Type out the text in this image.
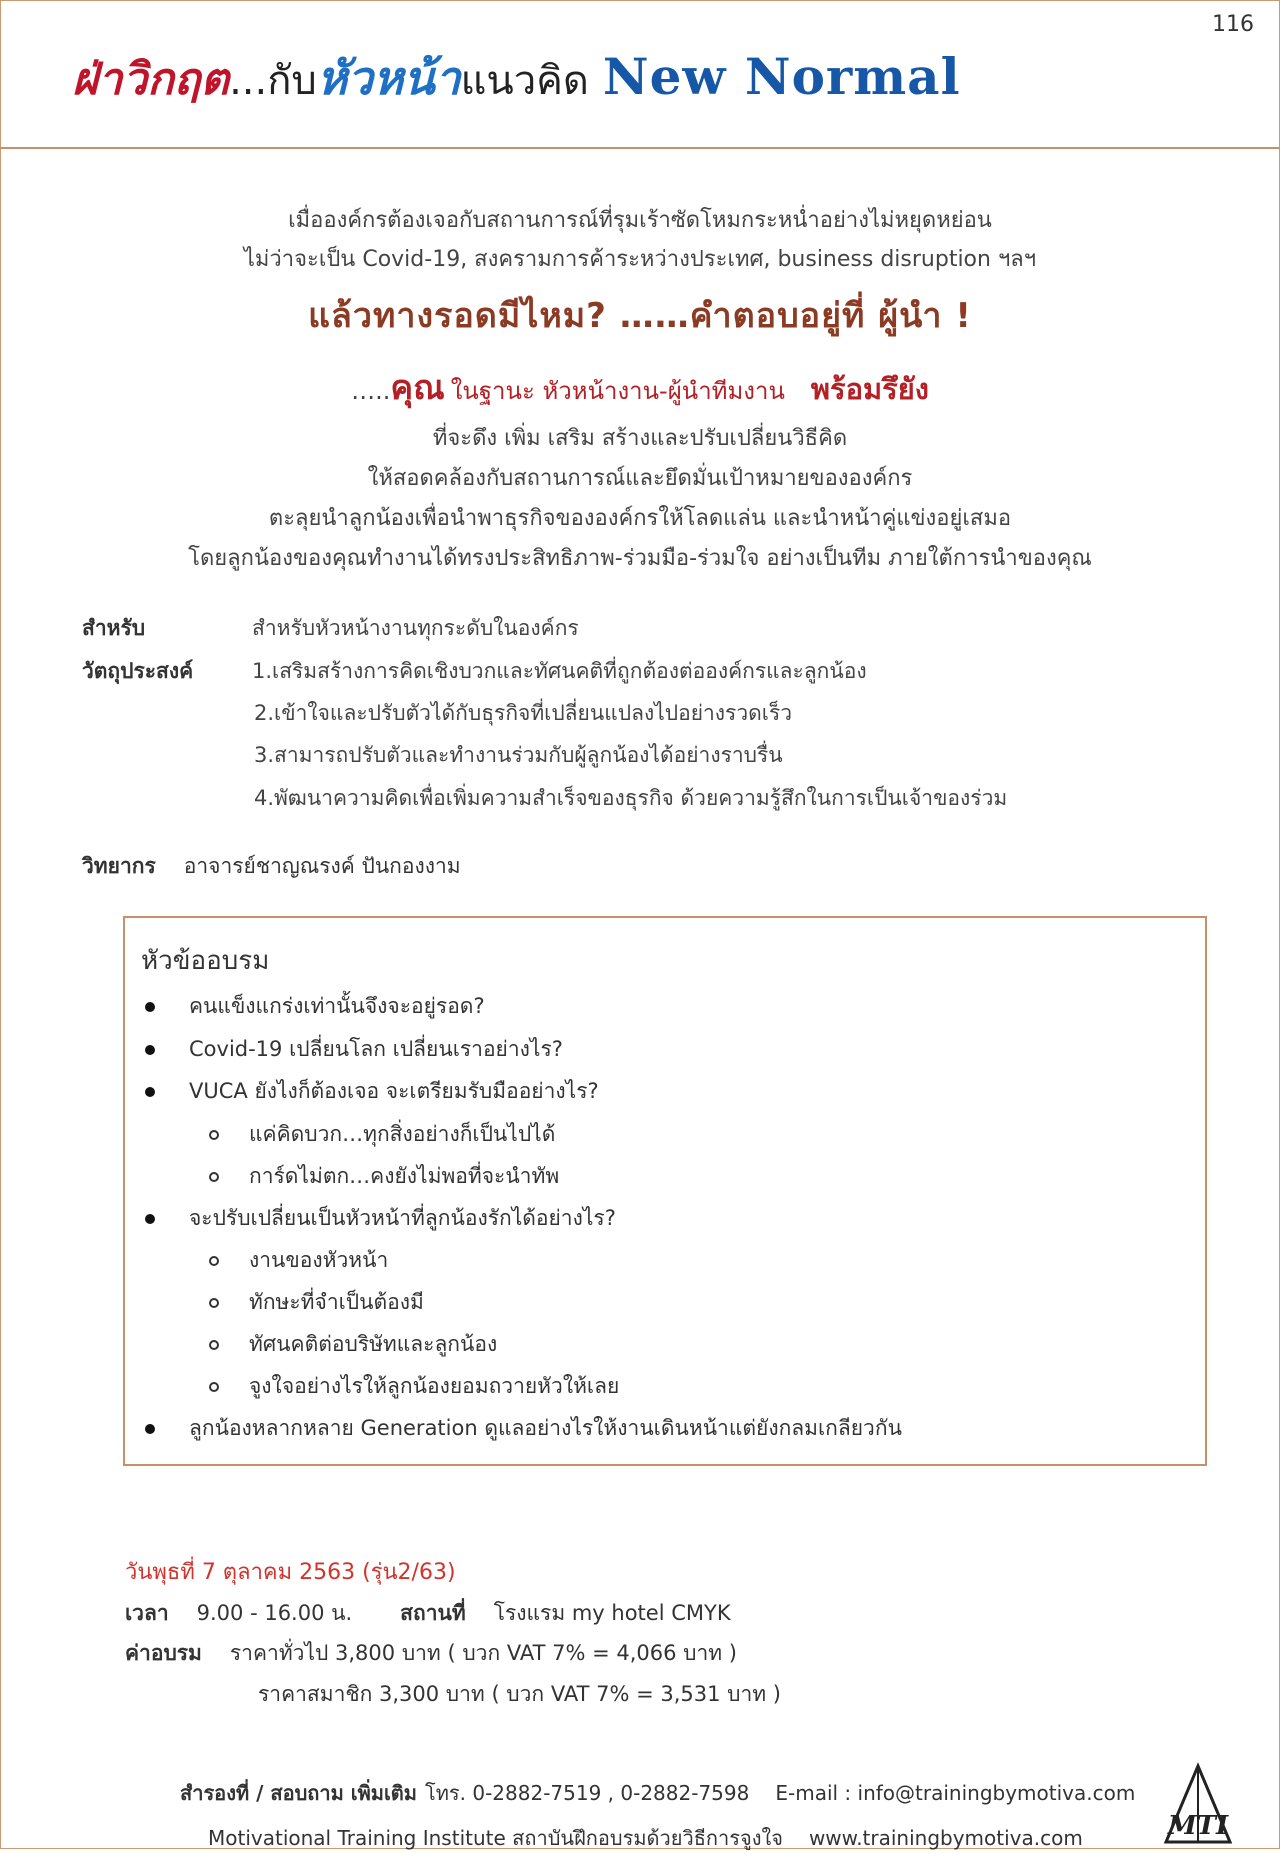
116
ฝ่าวิกฤต...กับหัวหน้าแนวคิด New Normal
เมื่อองค์กรต้องเจอกับสถานการณ์ที่รุมเร้าซัดโหมกระหน่ำอย่างไม่หยุดหย่อน
ไม่ว่าจะเป็น Covid-19, สงครามการค้าระหว่างประเทศ, business disruption ฯลฯ
แล้วทางรอดมีไหม? ……คำตอบอยู่ที่ ผู้นำ !
…..คุณ ในฐานะ หัวหน้างาน-ผู้นำทีมงาน พร้อมรึยัง
ที่จะดึง เพิ่ม เสริม สร้างและปรับเปลี่ยนวิธีคิด
ให้สอดคล้องกับสถานการณ์และยึดมั่นเป้าหมายขององค์กร
ตะลุยนำลูกน้องเพื่อนำพาธุรกิจขององค์กรให้โลดแล่น และนำหน้าคู่แข่งอยู่เสมอ
โดยลูกน้องของคุณทำงานได้ทรงประสิทธิภาพ-ร่วมมือ-ร่วมใจ อย่างเป็นทีม ภายใต้การนำของคุณ
สำหรับ	สำหรับหัวหน้างานทุกระดับในองค์กร
วัตถุประสงค์	1.เสริมสร้างการคิดเชิงบวกและทัศนคติที่ถูกต้องต่อองค์กรและลูกน้อง
2.เข้าใจและปรับตัวได้กับธุรกิจที่เปลี่ยนแปลงไปอย่างรวดเร็ว
3.สามารถปรับตัวและทำงานร่วมกับผู้ลูกน้องได้อย่างราบรื่น
4.พัฒนาความคิดเพื่อเพิ่มความสำเร็จของธุรกิจ ด้วยความรู้สึกในการเป็นเจ้าของร่วม
วิทยากร อาจารย์ชาญณรงค์ ปันกองงาม
หัวข้ออบรม
คนแข็งแกร่งเท่านั้นจึงจะอยู่รอด?
Covid-19 เปลี่ยนโลก เปลี่ยนเราอย่างไร?
VUCA ยังไงก็ต้องเจอ จะเตรียมรับมืออย่างไร?
แค่คิดบวก…ทุกสิ่งอย่างก็เป็นไปได้
การ์ดไม่ตก…คงยังไม่พอที่จะนำทัพ
จะปรับเปลี่ยนเป็นหัวหน้าที่ลูกน้องรักได้อย่างไร?
งานของหัวหน้า
ทักษะที่จำเป็นต้องมี
ทัศนคติต่อบริษัทและลูกน้อง
จูงใจอย่างไรให้ลูกน้องยอมถวายหัวให้เลย
ลูกน้องหลากหลาย Generation ดูแลอย่างไรให้งานเดินหน้าแต่ยังกลมเกลียวกัน
วันพุธที่ 7 ตุลาคม 2563 (รุ่น2/63)
เวลา 9.00 - 16.00 น. สถานที่ โรงแรม my hotel CMYK
ค่าอบรม ราคาทั่วไป 3,800 บาท ( บวก VAT 7% = 4,066 บาท )
ราคาสมาชิก 3,300 บาท ( บวก VAT 7% = 3,531 บาท )
สำรองที่ / สอบถาม เพิ่มเติม โทร. 0-2882-7519 , 0-2882-7598 E-mail : info@trainingbymotiva.com
Motivational Training Institute สถาบันฝึกอบรมด้วยวิธีการจูงใจ www.trainingbymotiva.com	MTI
